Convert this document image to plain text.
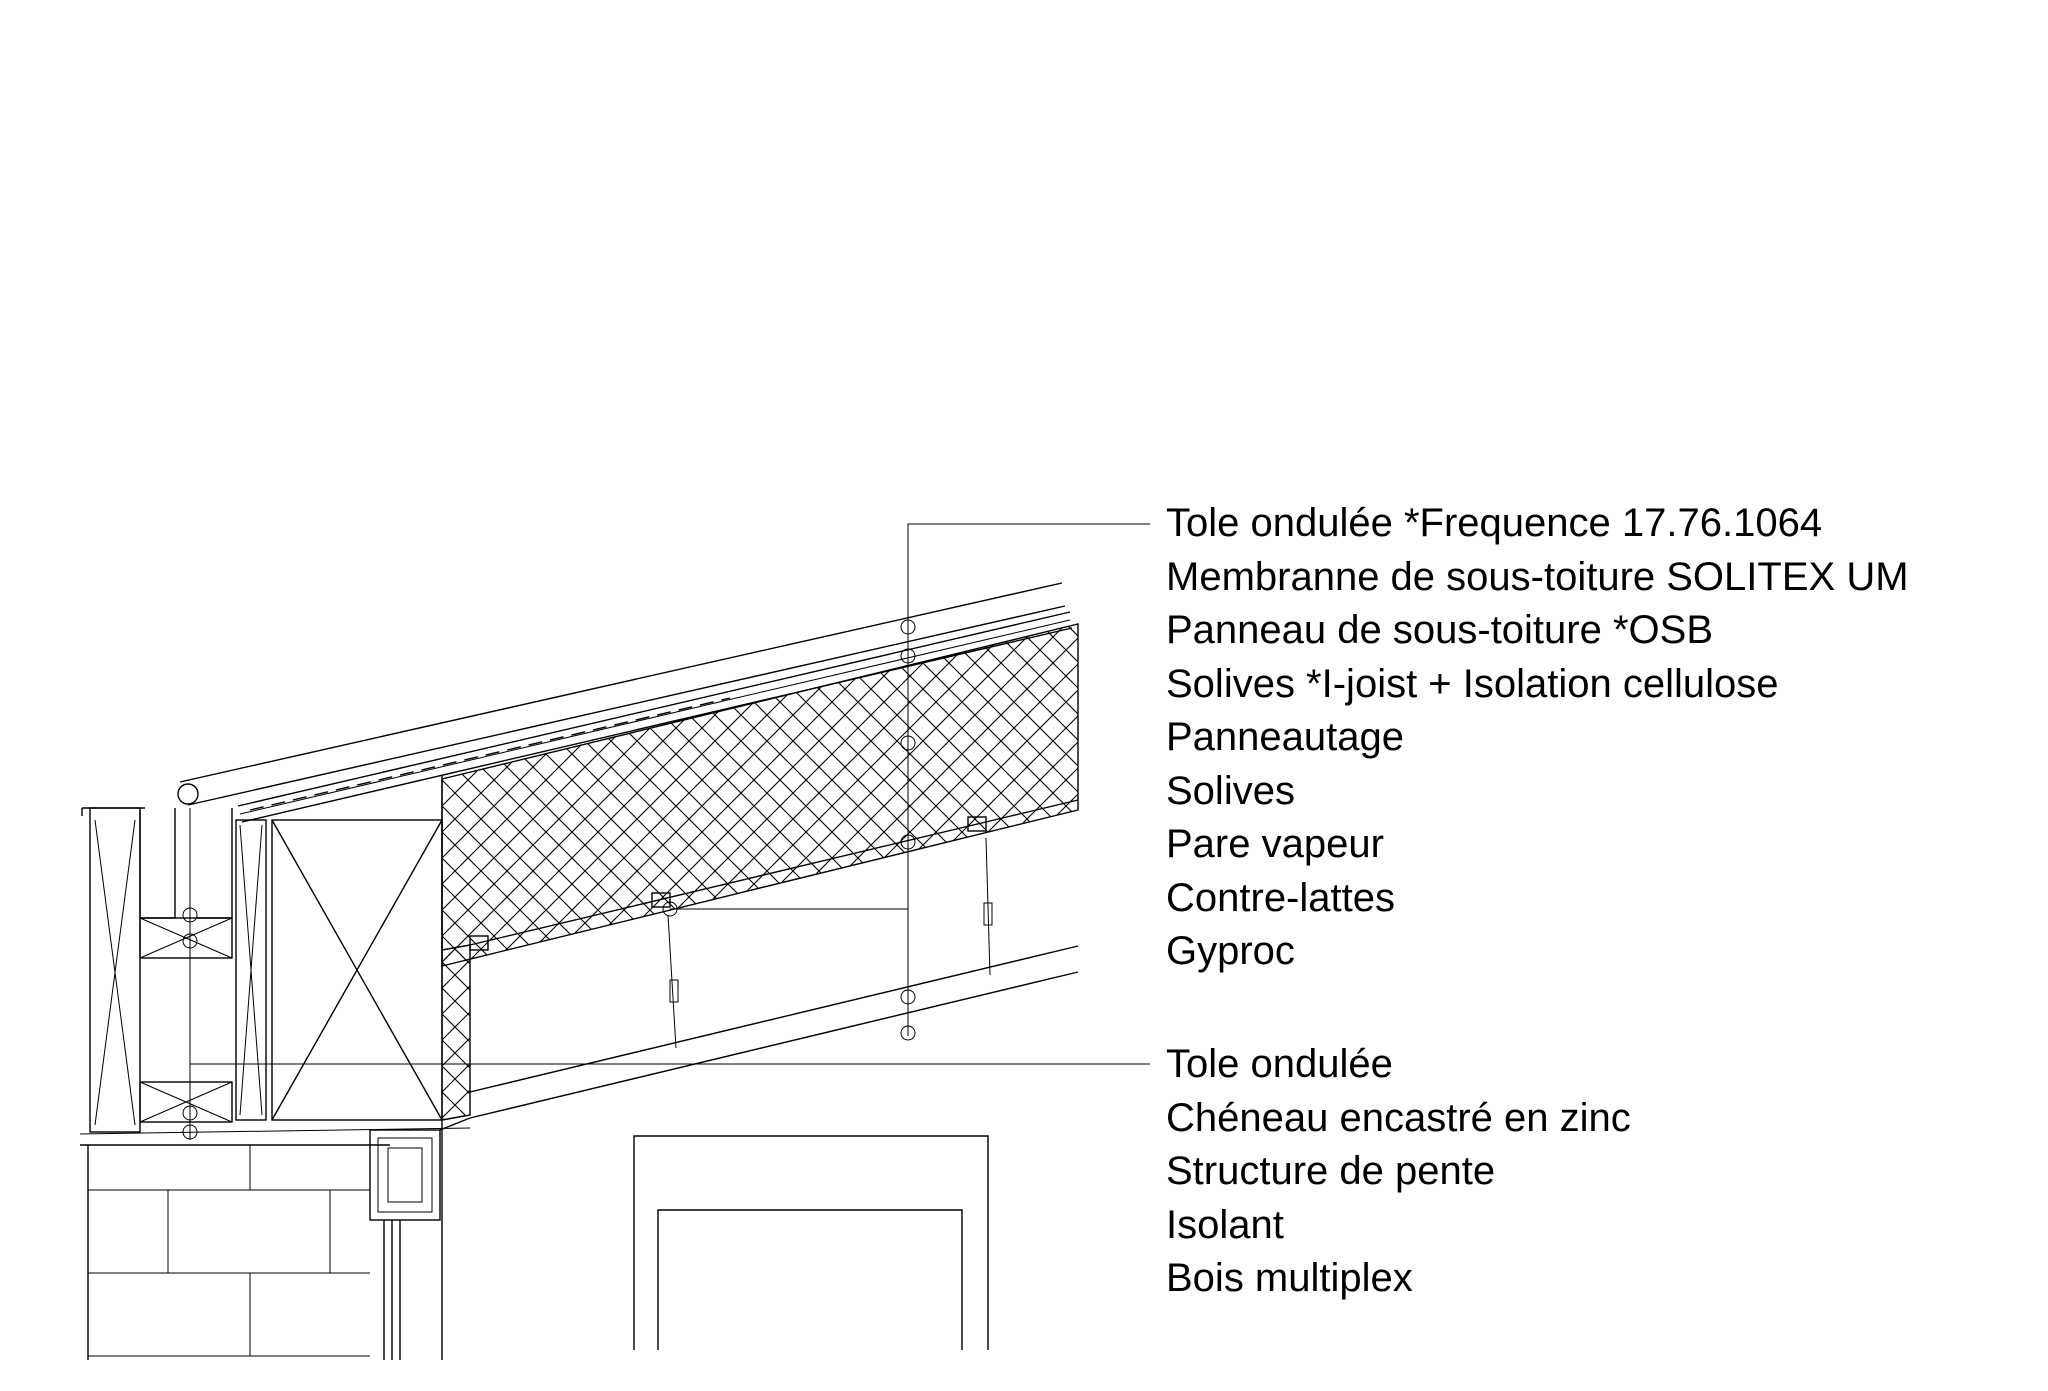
Tole ondulée *Frequence 17.76.1064
Membranne de sous-toiture SOLITEX UM
Panneau de sous-toiture *OSB
Solives *I-joist + Isolation cellulose
Panneautage
Solives
Pare vapeur
Contre-lattes
Gyproc
Tole ondulée
Chéneau encastré en zinc
Structure de pente
Isolant
Bois multiplex
